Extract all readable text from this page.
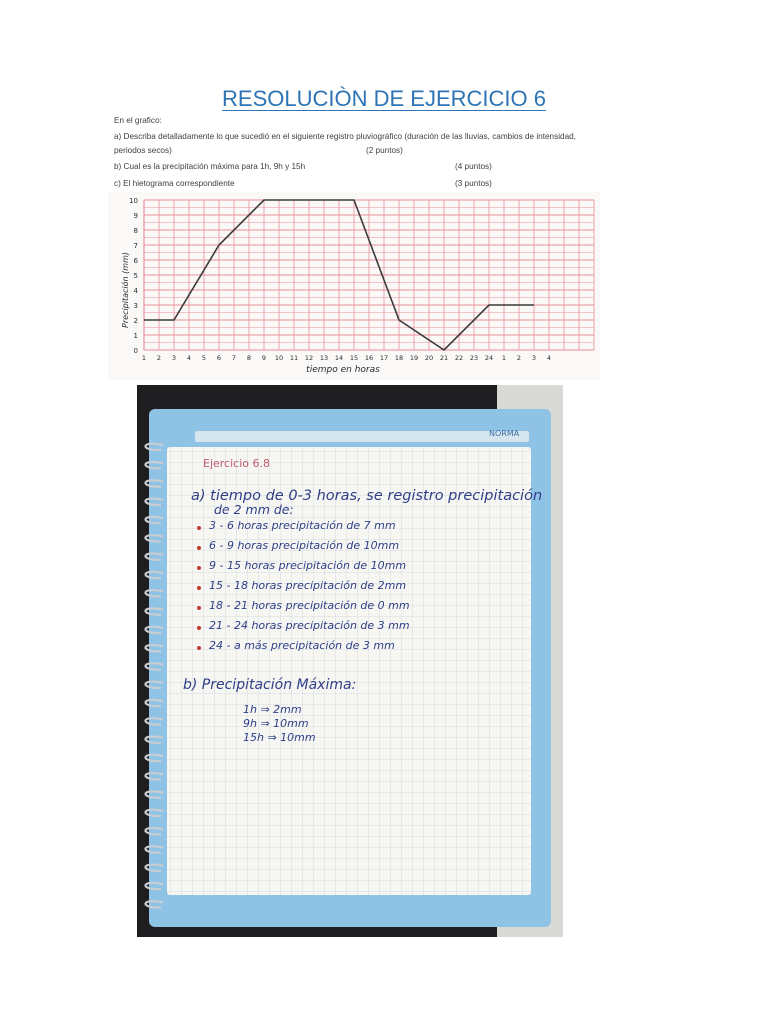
RESOLUCIÒN DE EJERCICIO 6
En el grafico:
a) Describa detalladamente lo que sucedió en el siguiente registro pluviográfico (duración de las lluvias, cambios de intensidad,
periodos secos)	(2 puntos)
b) Cual es la precipitación máxima para 1h, 9h y 15h	(4 puntos)
c) El hietograma correspondiente	(3 puntos)
0
1
2
3
4
5
6
7
8
9
10
1 2 3 4 5 6 7 8 9 10 11 12 13 14 15 16 17 18 19 20 21 22 23 24 1 2 3 4
Precipitación (mm)
tiempo en horas
NORMA
Ejercicio 6.8
a) tiempo de 0-3 horas, se registro precipitación
de 2 mm de:
3 - 6 horas precipitación de 7 mm
6 - 9 horas precipitación de 10mm
9 - 15 horas precipitación de 10mm
15 - 18 horas precipitación de 2mm
18 - 21 horas precipitación de 0 mm
21 - 24 horas precipitación de 3 mm
24 - a más precipitación de 3 mm
b) Precipitación Máxima:
1h ⇒ 2mm
9h ⇒ 10mm
15h ⇒ 10mm
